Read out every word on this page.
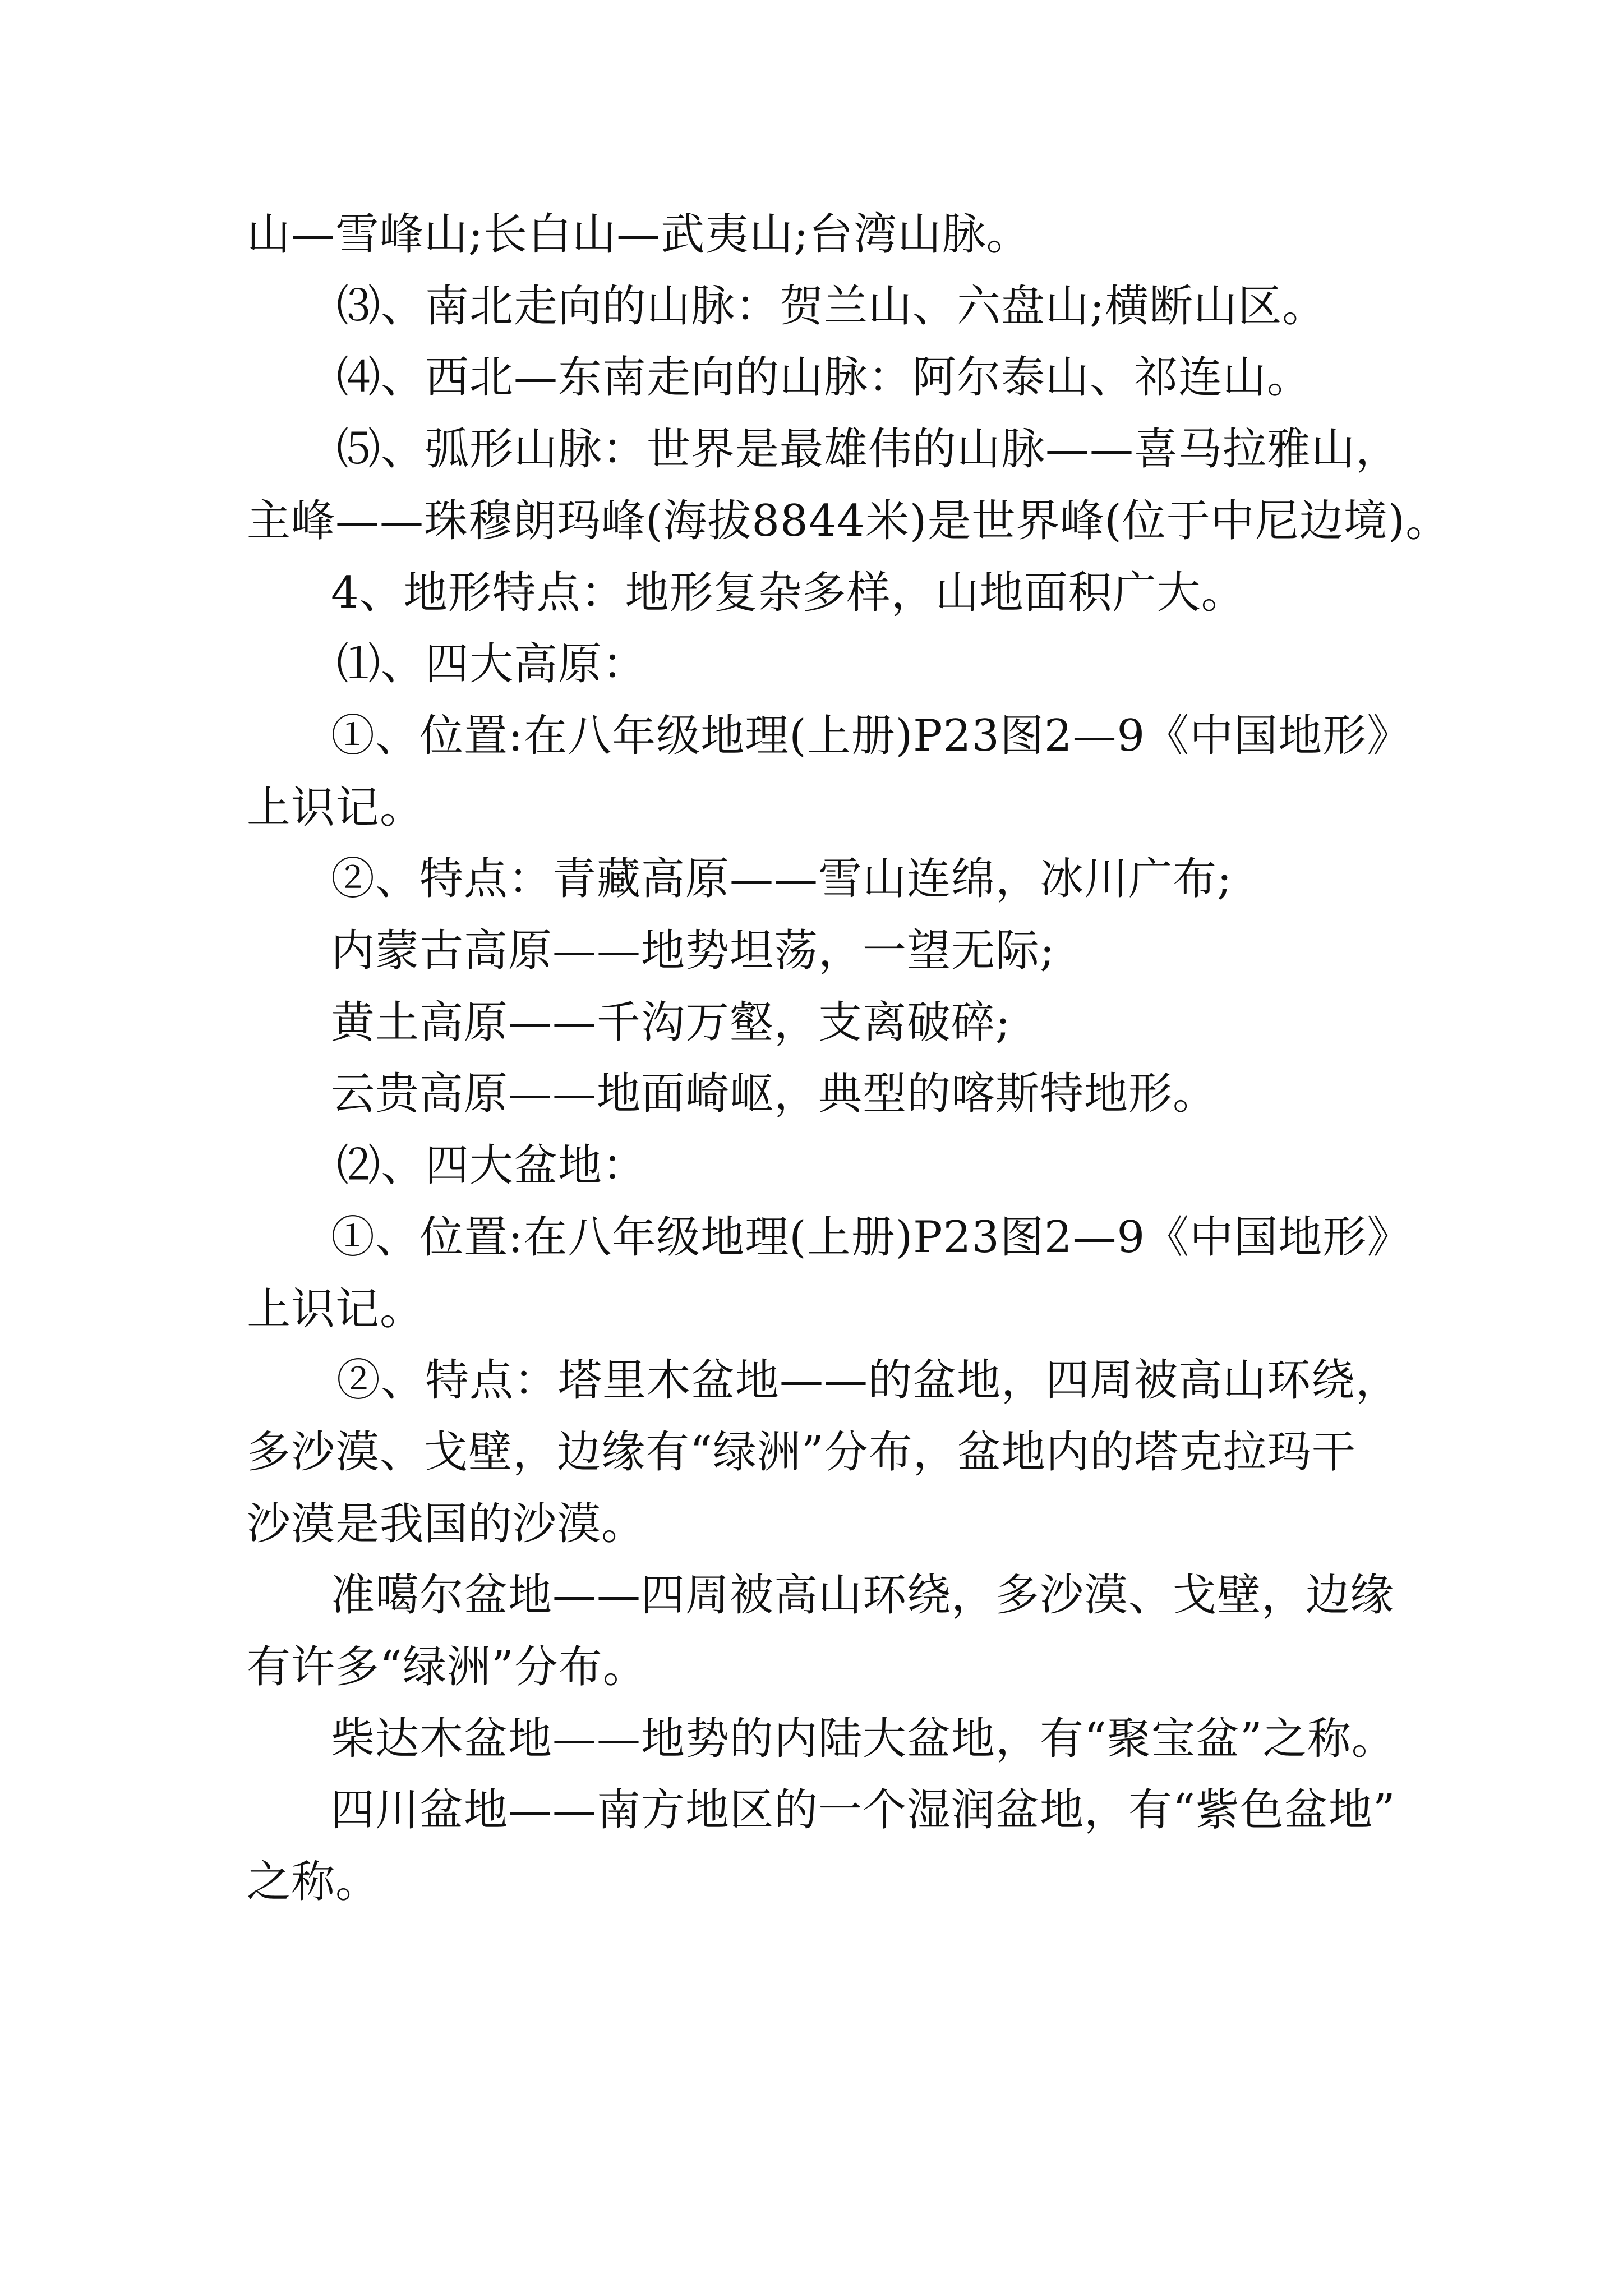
山—雪峰山;长白山—武夷山;台湾山脉。
⑶、南北走向的山脉：贺兰山、六盘山;横断山区。
⑷、西北—东南走向的山脉：阿尔泰山、祁连山。
⑸、弧形山脉：世界是最雄伟的山脉——喜马拉雅山，
主峰——珠穆朗玛峰(海拔8844米)是世界峰(位于中尼边境)。
4、地形特点：地形复杂多样，山地面积广大。
⑴、四大高原：
①、位置:在八年级地理(上册)P23图2—9《中国地形》
上识记。
②、特点：青藏高原——雪山连绵，冰川广布;
内蒙古高原——地势坦荡，一望无际;
黄土高原——千沟万壑，支离破碎;
云贵高原——地面崎岖，典型的喀斯特地形。
⑵、四大盆地：
①、位置:在八年级地理(上册)P23图2—9《中国地形》
上识记。
②、特点：塔里木盆地——的盆地，四周被高山环绕，
多沙漠、戈壁，边缘有“绿洲”分布，盆地内的塔克拉玛干
沙漠是我国的沙漠。
准噶尔盆地——四周被高山环绕，多沙漠、戈壁，边缘
有许多“绿洲”分布。
柴达木盆地——地势的内陆大盆地，有“聚宝盆”之称。
四川盆地——南方地区的一个湿润盆地，有“紫色盆地”
之称。
